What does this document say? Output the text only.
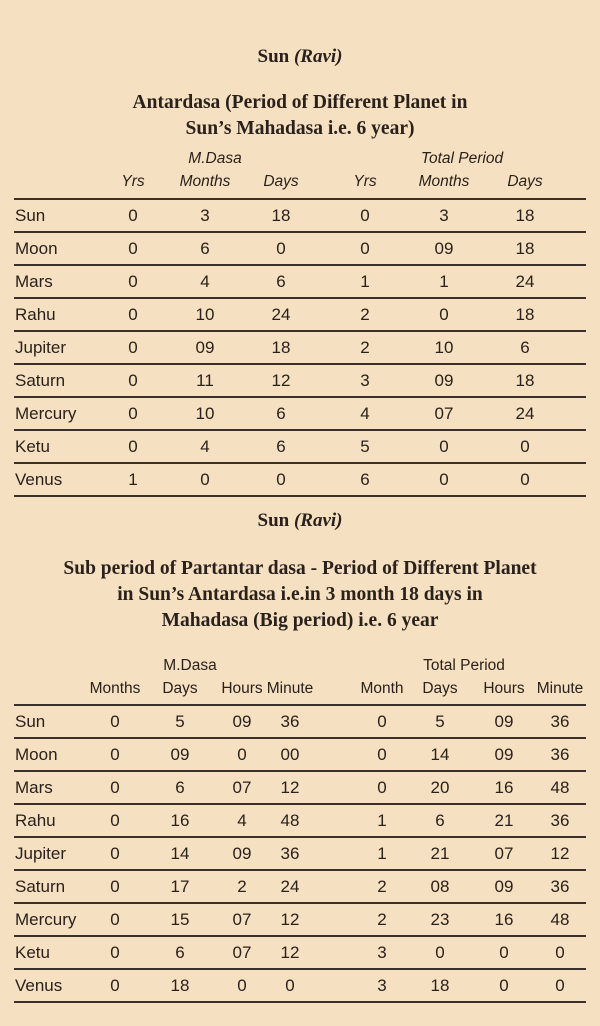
Sun (Ravi)
Antardasa (Period of Different Planet in
Sun’s Mahadasa i.e. 6 year)
M.Dasa	Total Period
Yrs Months Days	Yrs	Months Days
Sun	0	3	18	0	3	18
Moon	0	6	0	0	09	18
Mars	0	4	6	1	1	24
Rahu	0	10	24	2	0	18
Jupiter	0	09	18	2	10	6
Saturn	0	11	12	3	09	18
Mercury	0	10	6	4	07	24
Ketu	0	4	6	5	0	0
Venus	1	0	0	6	0	0
Sun (Ravi)
Sub period of Partantar dasa - Period of Different Planet
in Sun’s Antardasa i.e.in 3 month 18 days in
Mahadasa (Big period) i.e. 6 year
M.Dasa	Total Period
Months Days Hours Minute	Month Days Hours Minute
Sun	0	5	09 36	0	5	09 36
Moon	0	09	0 00	0	14	09 36
Mars	0	6	07 12	0	20	16 48
Rahu	0	16	4 48	1	6	21 36
Jupiter	0	14	09 36	1	21	07 12
Saturn	0	17	2 24	2	08	09 36
Mercury 0	15	07 12	2	23	16 48
Ketu	0	6	07 12	3	0	0	0
Venus	0	18	0 0	3	18	0	0
